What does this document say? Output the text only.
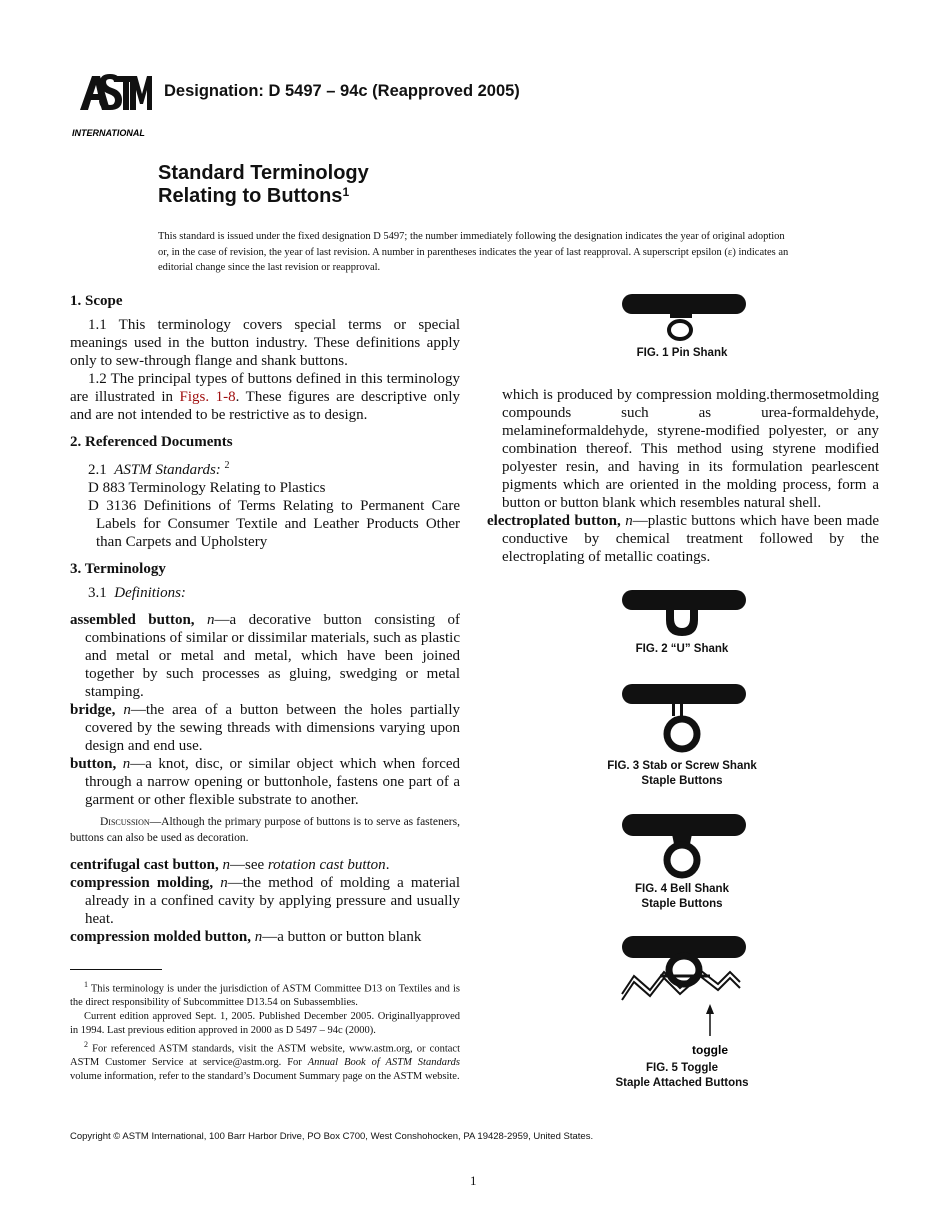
INTERNATIONAL
Designation: D 5497 – 94c (Reapproved 2005)
Standard Terminology
Relating to Buttons$^1$
This standard is issued under the fixed designation D 5497; the number immediately following the designation indicates the year of original adoption or, in the case of revision, the year of last revision. A number in parentheses indicates the year of last reapproval. A superscript epsilon (ε) indicates an editorial change since the last revision or reapproval.
1. Scope

1.1 This terminology covers special terms or special meanings used in the button industry. These definitions apply only to sew-through flange and shank buttons.

1.2 The principal types of buttons defined in this terminology are illustrated in Figs. 1-8. These figures are descriptive only and are not intended to be restrictive as to design.

2. Referenced Documents
2.1 ASTM Standards: $^2$
D 883 Terminology Relating to Plastics
D 3136 Definitions of Terms Relating to Permanent Care Labels for Consumer Textile and Leather Products Other than Carpets and Upholstery
3. Terminology
3.1 Definitions:

assembled button, n—a decorative button consisting of combinations of similar or dissimilar materials, such as plastic and metal or metal and metal, which have been joined together by such processes as gluing, swedging or metal stamping.

bridge, n—the area of a button between the holes partially covered by the sewing threads with dimensions varying upon design and end use.

button, n—a knot, disc, or similar object which when forced through a narrow opening or buttonhole, fastens one part of a garment or other flexible substrate to another.

Discussion—Although the primary purpose of buttons is to serve as fasteners, buttons can also be used as decoration.

centrifugal cast button, n—see rotation cast button.

compression molding, n—the method of molding a material already in a confined cavity by applying pressure and usually heat.

compression molded button, n—a button or button blank

$^1$ This terminology is under the jurisdiction of ASTM Committee D13 on Textiles and is the direct responsibility of Subcommittee D13.54 on Subassemblies.

Current edition approved Sept. 1, 2005. Published December 2005. Originallyapproved in 1994. Last previous edition approved in 2000 as D 5497 – 94c (2000).

$^2$ For referenced ASTM standards, visit the ASTM website, www.astm.org, or contact ASTM Customer Service at service@astm.org. For Annual Book of ASTM Standards volume information, refer to the standard’s Document Summary page on the ASTM website.

which is produced by compression molding.thermosetmolding compounds such as urea-formaldehyde, melamineformaldehyde, styrene-modified polyester, or any combination thereof. This method using styrene modified polyester resin, and having in its formulation pearlescent pigments which are oriented in the molding process, form a button or button blank which resembles natural shell.

electroplated button, n—plastic buttons which have been made conductive by chemical treatment followed by the electroplating of metallic coatings.

FIG. 1 Pin Shank
FIG. 2 “U” Shank
FIG. 3 Stab or Screw Shank
Staple Buttons
FIG. 4 Bell Shank
Staple Buttons
toggle
FIG. 5 Toggle
Staple Attached Buttons
Copyright © ASTM International, 100 Barr Harbor Drive, PO Box C700, West Conshohocken, PA 19428-2959, United States.
1
